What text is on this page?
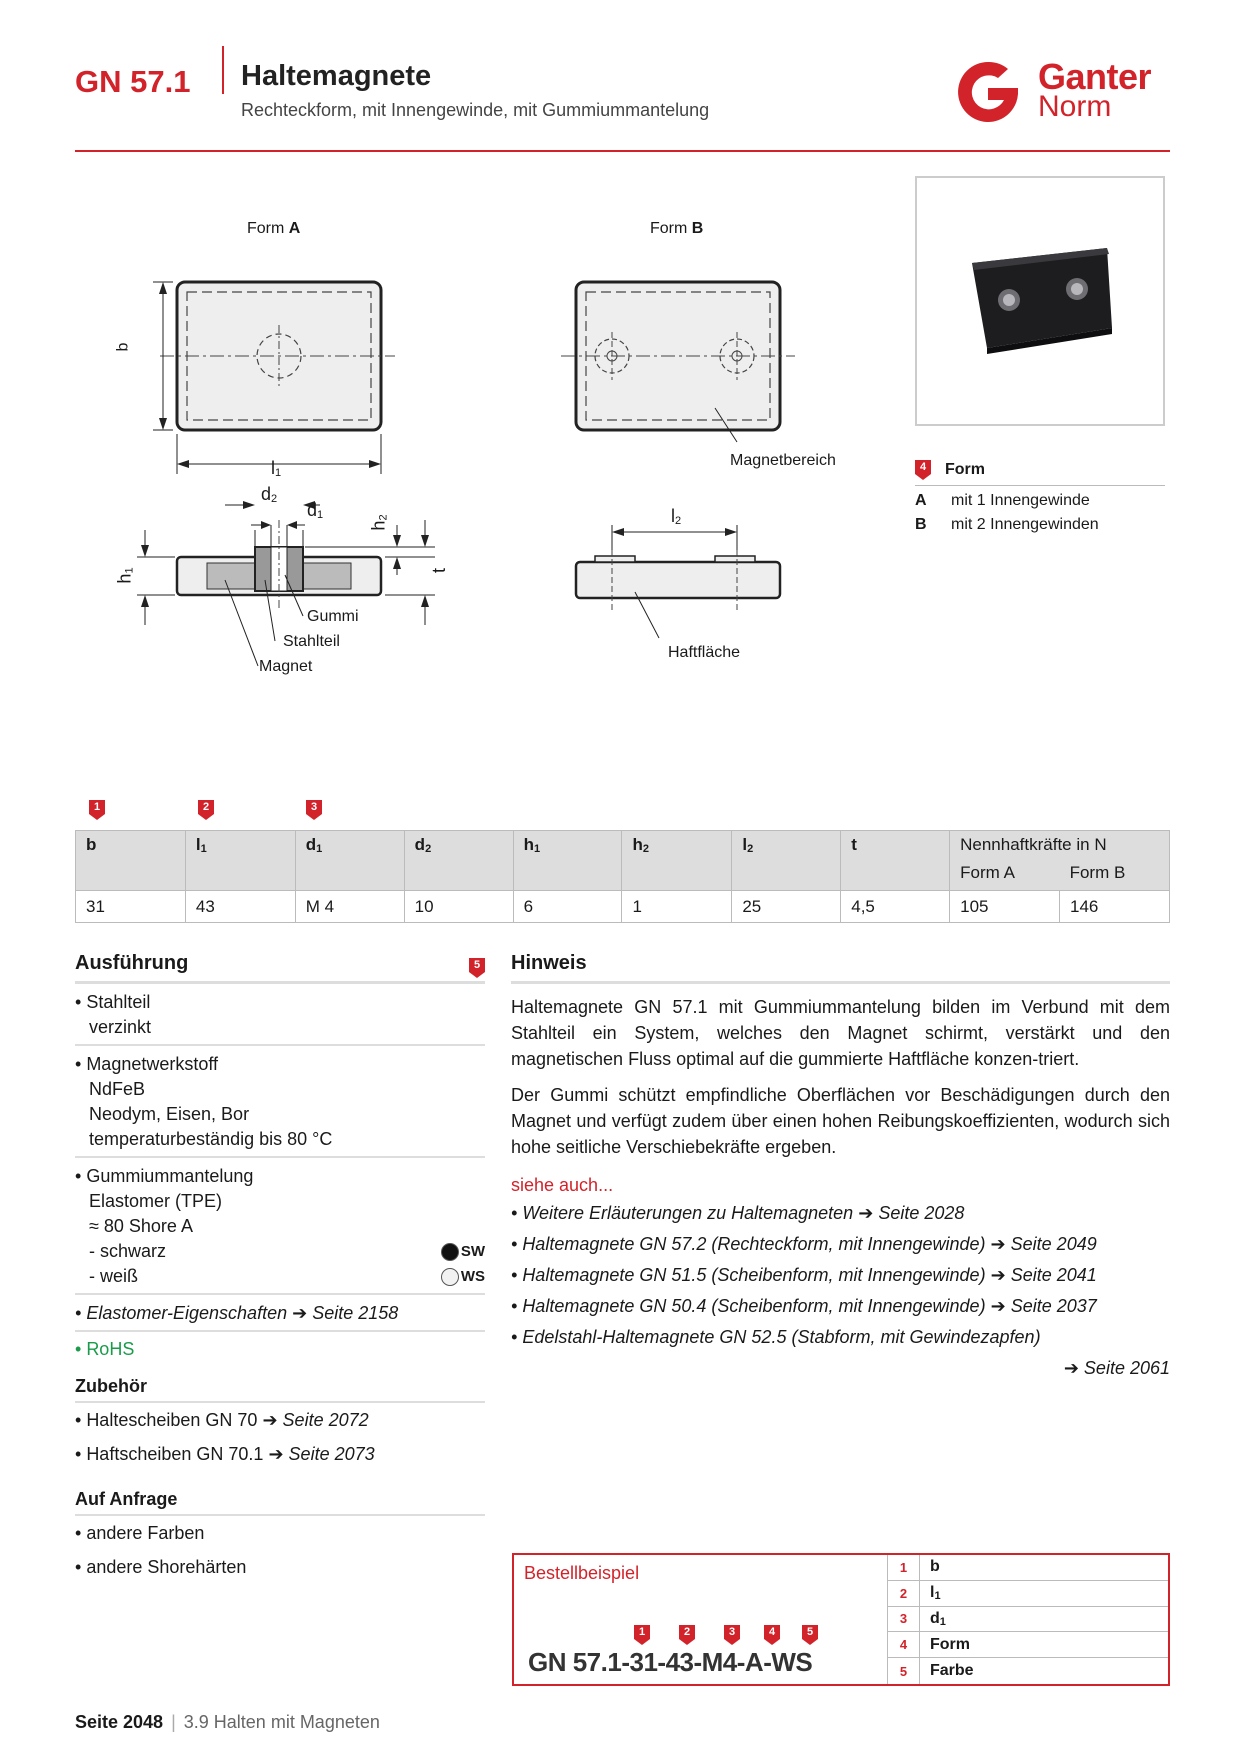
GN 57.1 Haltemagnete
Rechteckform, mit Innengewinde, mit Gummiummantelung
Ganter
Norm
Form A	Form B
b
$l_1$
Magnetbereich
$d_2$
$d_1$
$h_2$
$h_1$	t
Gummi
Stahlteil
Magnet
$l_2$
Haftfläche
4	Form
A	mit 1 Innengewinde
B	mit 2 Innengewinden
1	2	3
b	$l_1$	$d_1$	$d_2$	$h_1$	$h_2$	$l_2$	t	Nennhaftkräfte in N
Form A Form B	

31	43	M 4	10	6	1	25	4,5	105	146
Ausführung	5
• Stahlteil
verzinkt
• Magnetwerkstoff
NdFeB
Neodym, Eisen, Bor
temperaturbeständig bis 80 °C
• Gummiummantelung
Elastomer (TPE)
≈ 80 Shore A
- schwarz	SW
- weiß	WS
• Elastomer-Eigenschaften ➔ Seite 2158
• RoHS
Zubehör
• Haltescheiben GN 70 ➔ Seite 2072
• Haftscheiben GN 70.1 ➔ Seite 2073
Auf Anfrage
• andere Farben
• andere Shorehärten
Hinweis

Haltemagnete GN 57.1 mit Gummiummantelung bilden im Verbund mit dem Stahlteil ein System, welches den Magnet schirmt, verstärkt und den magnetischen Fluss optimal auf die gummierte Haftfläche konzen-triert.

Der Gummi schützt empfindliche Oberflächen vor Beschädigungen durch den Magnet und verfügt zudem über einen hohen Reibungskoeffizienten, wodurch sich hohe seitliche Verschiebekräfte ergeben.

siehe auch...
• Weitere Erläuterungen zu Haltemagneten ➔ Seite 2028
• Haltemagnete GN 57.2 (Rechteckform, mit Innengewinde) ➔ Seite 2049
• Haltemagnete GN 51.5 (Scheibenform, mit Innengewinde) ➔ Seite 2041
• Haltemagnete GN 50.4 (Scheibenform, mit Innengewinde) ➔ Seite 2037
• Edelstahl-Haltemagnete GN 52.5 (Stabform, mit Gewindezapfen)

➔ Seite 2061
Bestellbeispiel
1	2	3	4	5
GN 57.1-31-43-M4-A-WS
1	b
2	$l_1$
3	$d_1$
4	Form
5	Farbe
Seite 2048 | 3.9 Halten mit Magneten
